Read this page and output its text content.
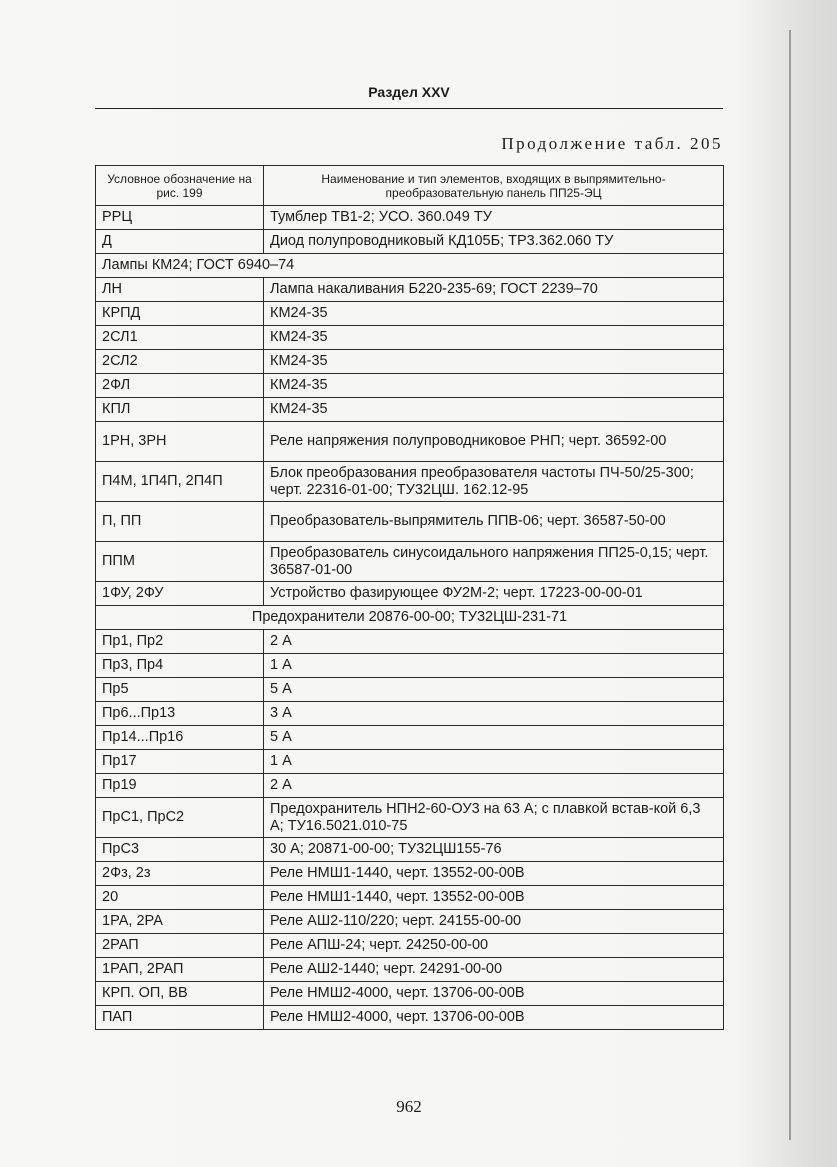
Раздел XXV
Продолжение табл. 205
Условное обозначение на рис. 199	Наименование и тип элементов, входящих в выпрямительно-преобразовательную панель ПП25-ЭЦ
РРЦ	Тумблер ТВ1-2; УСО. 360.049 ТУ
Д	Диод полупроводниковый КД105Б; ТР3.362.060 ТУ
Лампы КМ24; ГОСТ 6940–74	
ЛН	Лампа накаливания Б220-235-69; ГОСТ 2239–70
КРПД	КМ24-35
2СЛ1	КМ24-35
2СЛ2	КМ24-35
2ФЛ	КМ24-35
КПЛ	КМ24-35
1РН, 3РН	Реле напряжения полупроводниковое РНП; черт. 36592-00
П4М, 1П4П, 2П4П	Блок преобразования преобразователя частоты ПЧ-50/25-300; черт. 22316-01-00; ТУ32ЦШ. 162.12-95
П, ПП	Преобразователь-выпрямитель ППВ-06; черт. 36587-50-00
ППМ	Преобразователь синусоидального напряжения ПП25-0,15; черт. 36587-01-00
1ФУ, 2ФУ	Устройство фазирующее ФУ2М-2; черт. 17223-00-00-01
Предохранители 20876-00-00; ТУ32ЦШ-231-71	
Пр1, Пр2	2 А
Пр3, Пр4	1 А
Пр5	5 А
Пр6...Пр13	3 А
Пр14...Пр16	5 А
Пр17	1 А
Пр19	2 А
ПрС1, ПрС2	Предохранитель НПН2-60-ОУ3 на 63 А; с плавкой встав-кой 6,3 А; ТУ16.5021.010-75
ПрС3	30 А; 20871-00-00; ТУ32ЦШ155-76
2Фз, 2з	Реле НМШ1-1440, черт. 13552-00-00В
20	Реле НМШ1-1440, черт. 13552-00-00В
1РА, 2РА	Реле АШ2-110/220; черт. 24155-00-00
2РАП	Реле АПШ-24; черт. 24250-00-00
1РАП, 2РАП	Реле АШ2-1440; черт. 24291-00-00
КРП. ОП, ВВ	Реле НМШ2-4000, черт. 13706-00-00В
ПАП	Реле НМШ2-4000, черт. 13706-00-00В
962
